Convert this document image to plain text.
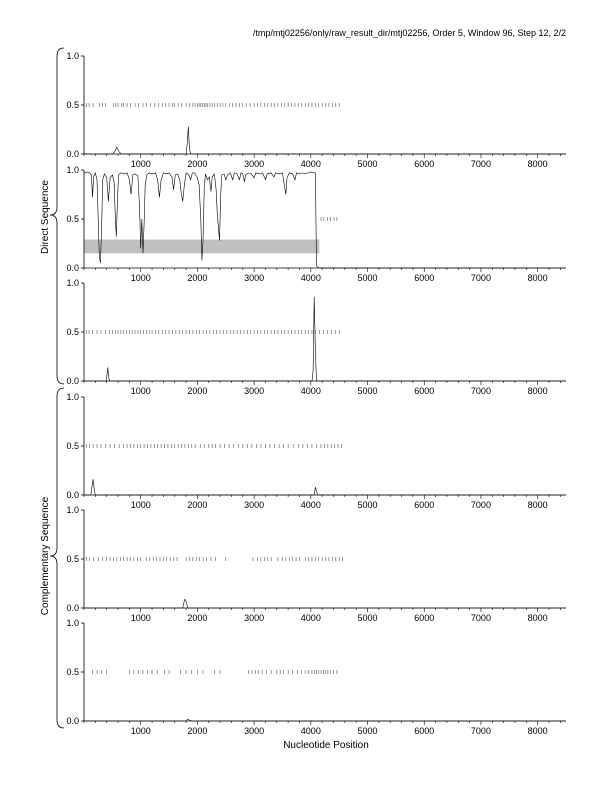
/tmp/mtj02256/only/raw_result_dir/mtj02256, Order 5, Window 96, Step 12, 2/2
0.0
0.5
1.0
1000	2000	3000	4000	5000	6000	7000	8000
0.0
0.5
1.0
1000	2000	3000	4000	5000	6000	7000	8000
0.0
0.5
1.0
1000	2000	3000	4000	5000	6000	7000	8000
0.0
0.5
1.0
1000	2000	3000	4000	5000	6000	7000	8000
0.0
0.5
1.0
1000	2000	3000	4000	5000	6000	7000	8000
0.0
0.5
1.0
1000	2000	3000	4000	5000	6000	7000	8000
Direct Sequence
Complementary Sequence
Nucleotide Position
